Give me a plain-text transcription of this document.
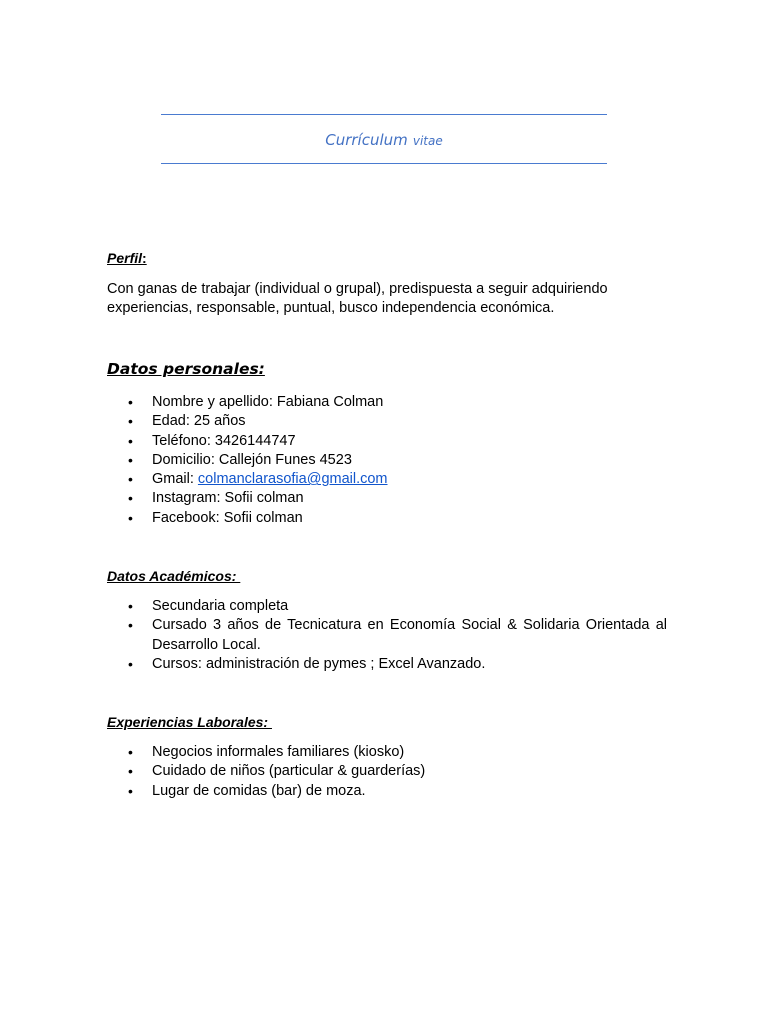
Currículum vitae
Perfil:

Con ganas de trabajar (individual o grupal), predispuesta a seguir adquiriendo experiencias, responsable, puntual, busco independencia económica.

Datos personales:
• Nombre y apellido: Fabiana Colman
• Edad: 25 años
• Teléfono: 3426144747
• Domicilio: Callejón Funes 4523
• Gmail: colmanclarasofia@gmail.com
• Instagram: Sofii colman
• Facebook: Sofii colman
Datos Académicos:
• Secundaria completa
• Cursado 3 años de Tecnicatura en Economía Social & Solidaria Orientada al Desarrollo Local.
• Cursos: administración de pymes ; Excel Avanzado.
Experiencias Laborales:
• Negocios informales familiares (kiosko)
• Cuidado de niños (particular & guarderías)
• Lugar de comidas (bar) de moza.
